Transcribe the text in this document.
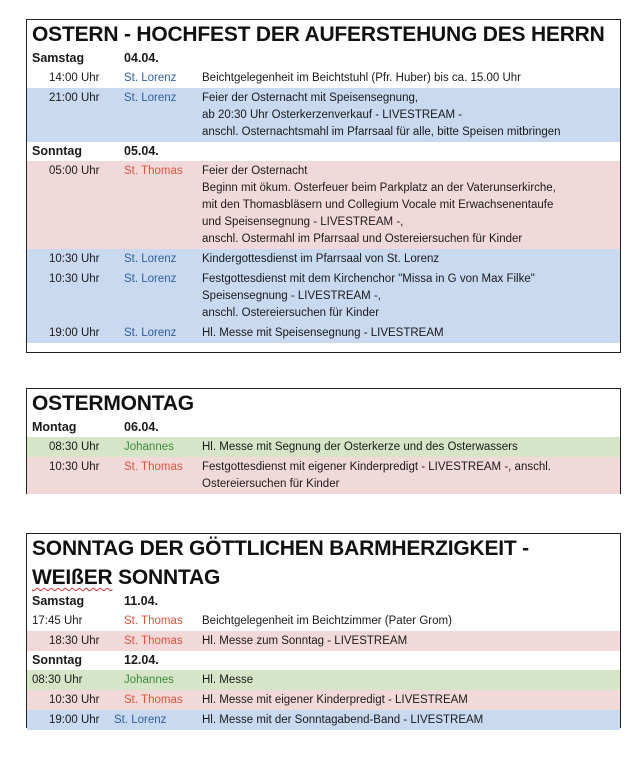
OSTERN - HOCHFEST DER AUFERSTEHUNG DES HERRN
Samstag	04.04.
14:00 Uhr St. Lorenz Beichtgelegenheit im Beichtstuhl (Pfr. Huber) bis ca. 15.00 Uhr
21:00 Uhr St. Lorenz Feier der Osternacht mit Speisensegnung,
ab 20:30 Uhr Osterkerzenverkauf - LIVESTREAM -
anschl. Osternachtsmahl im Pfarrsaal für alle, bitte Speisen mitbringen
Sonntag	05.04.
05:00 Uhr St. Thomas Feier der Osternacht
Beginn mit ökum. Osterfeuer beim Parkplatz an der Vaterunserkirche,
mit den Thomasbläsern und Collegium Vocale mit Erwachsenentaufe
und Speisensegnung - LIVESTREAM -,
anschl. Ostermahl im Pfarrsaal und Ostereiersuchen für Kinder
10:30 Uhr St. Lorenz Kindergottesdienst im Pfarrsaal von St. Lorenz
10:30 Uhr St. Lorenz Festgottesdienst mit dem Kirchenchor "Missa in G von Max Filke"
Speisensegnung - LIVESTREAM -,
anschl. Ostereiersuchen für Kinder
19:00 Uhr St. Lorenz Hl. Messe mit Speisensegnung - LIVESTREAM
OSTERMONTAG
Montag	06.04.
08:30 Uhr Johannes Hl. Messe mit Segnung der Osterkerze und des Osterwassers
10:30 Uhr St. Thomas Festgottesdienst mit eigener Kinderpredigt - LIVESTREAM -, anschl.
Ostereiersuchen für Kinder
SONNTAG DER GÖTTLICHEN BARMHERZIGKEIT -
WEIßER SONNTAG
Samstag	11.04.
17:45 Uhr	St. Thomas Beichtgelegenheit im Beichtzimmer (Pater Grom)
18:30 Uhr St. Thomas Hl. Messe zum Sonntag - LIVESTREAM
Sonntag	12.04.
08:30 Uhr	Johannes Hl. Messe
10:30 Uhr St. Thomas Hl. Messe mit eigener Kinderpredigt - LIVESTREAM
19:00 Uhr St. Lorenz	Hl. Messe mit der Sonntagabend-Band - LIVESTREAM
